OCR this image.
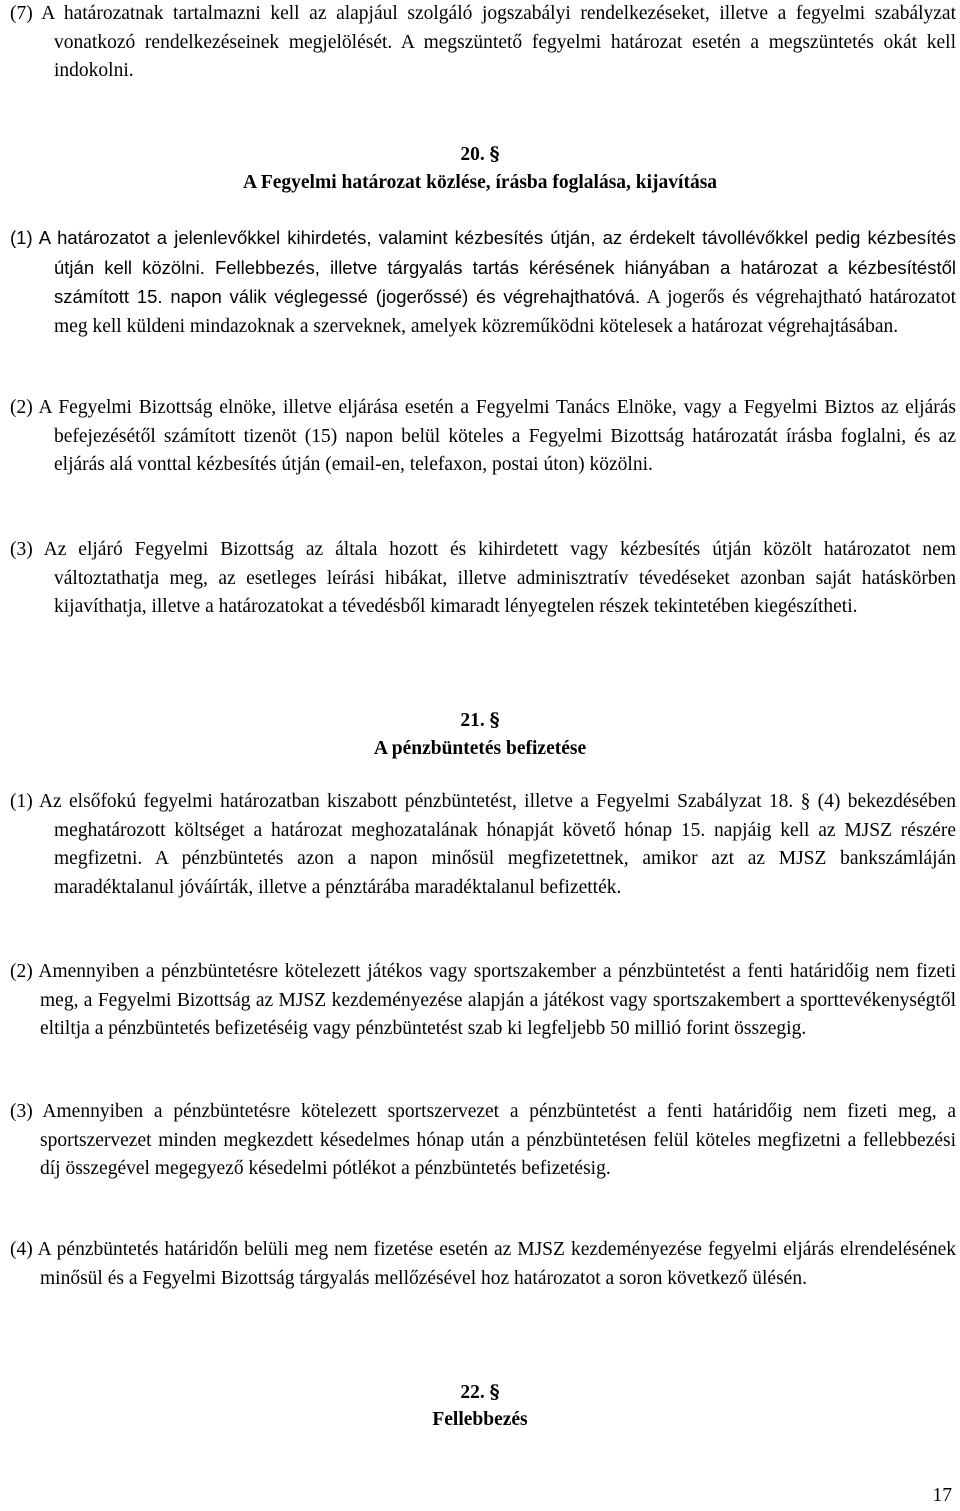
(7) A határozatnak tartalmazni kell az alapjául szolgáló jogszabályi rendelkezéseket, illetve a fegyelmi szabályzat vonatkozó rendelkezéseinek megjelölését. A megszüntető fegyelmi határozat esetén a megszüntetés okát kell indokolni.

20. §

A Fegyelmi határozat közlése, írásba foglalása, kijavítása

(1) A határozatot a jelenlevőkkel kihirdetés, valamint kézbesítés útján, az érdekelt távollévőkkel pedig kézbesítés útján kell közölni. Fellebbezés, illetve tárgyalás tartás kérésének hiányában a határozat a kézbesítéstől számított 15. napon válik véglegessé (jogerőssé) és végrehajthatóvá. A jogerős és végrehajtható határozatot meg kell küldeni mindazoknak a szerveknek, amelyek közreműködni kötelesek a határozat végrehajtásában.

(2) A Fegyelmi Bizottság elnöke, illetve eljárása esetén a Fegyelmi Tanács Elnöke, vagy a Fegyelmi Biztos az eljárás befejezésétől számított tizenöt (15) napon belül köteles a Fegyelmi Bizottság határozatát írásba foglalni, és az eljárás alá vonttal kézbesítés útján (email-en, telefaxon, postai úton) közölni.

(3) Az eljáró Fegyelmi Bizottság az általa hozott és kihirdetett vagy kézbesítés útján közölt határozatot nem változtathatja meg, az esetleges leírási hibákat, illetve adminisztratív tévedéseket azonban saját hatáskörben kijavíthatja, illetve a határozatokat a tévedésből kimaradt lényegtelen részek tekintetében kiegészítheti.

21. §

A pénzbüntetés befizetése

(1) Az elsőfokú fegyelmi határozatban kiszabott pénzbüntetést, illetve a Fegyelmi Szabályzat 18. § (4) bekezdésében meghatározott költséget a határozat meghozatalának hónapját követő hónap 15. napjáig kell az MJSZ részére megfizetni. A pénzbüntetés azon a napon minősül megfizetettnek, amikor azt az MJSZ bankszámláján maradéktalanul jóváírták, illetve a pénztárába maradéktalanul befizették.

(2) Amennyiben a pénzbüntetésre kötelezett játékos vagy sportszakember a pénzbüntetést a fenti határidőig nem fizeti meg, a Fegyelmi Bizottság az MJSZ kezdeményezése alapján a játékost vagy sportszakembert a sporttevékenységtől eltiltja a pénzbüntetés befizetéséig vagy pénzbüntetést szab ki legfeljebb 50 millió forint összegig.

(3) Amennyiben a pénzbüntetésre kötelezett sportszervezet a pénzbüntetést a fenti határidőig nem fizeti meg, a sportszervezet minden megkezdett késedelmes hónap után a pénzbüntetésen felül köteles megfizetni a fellebbezési díj összegével megegyező késedelmi pótlékot a pénzbüntetés befizetésig.

(4) A pénzbüntetés határidőn belüli meg nem fizetése esetén az MJSZ kezdeményezése fegyelmi eljárás elrendelésének minősül és a Fegyelmi Bizottság tárgyalás mellőzésével hoz határozatot a soron következő ülésén.

22. §

Fellebbezés

17
